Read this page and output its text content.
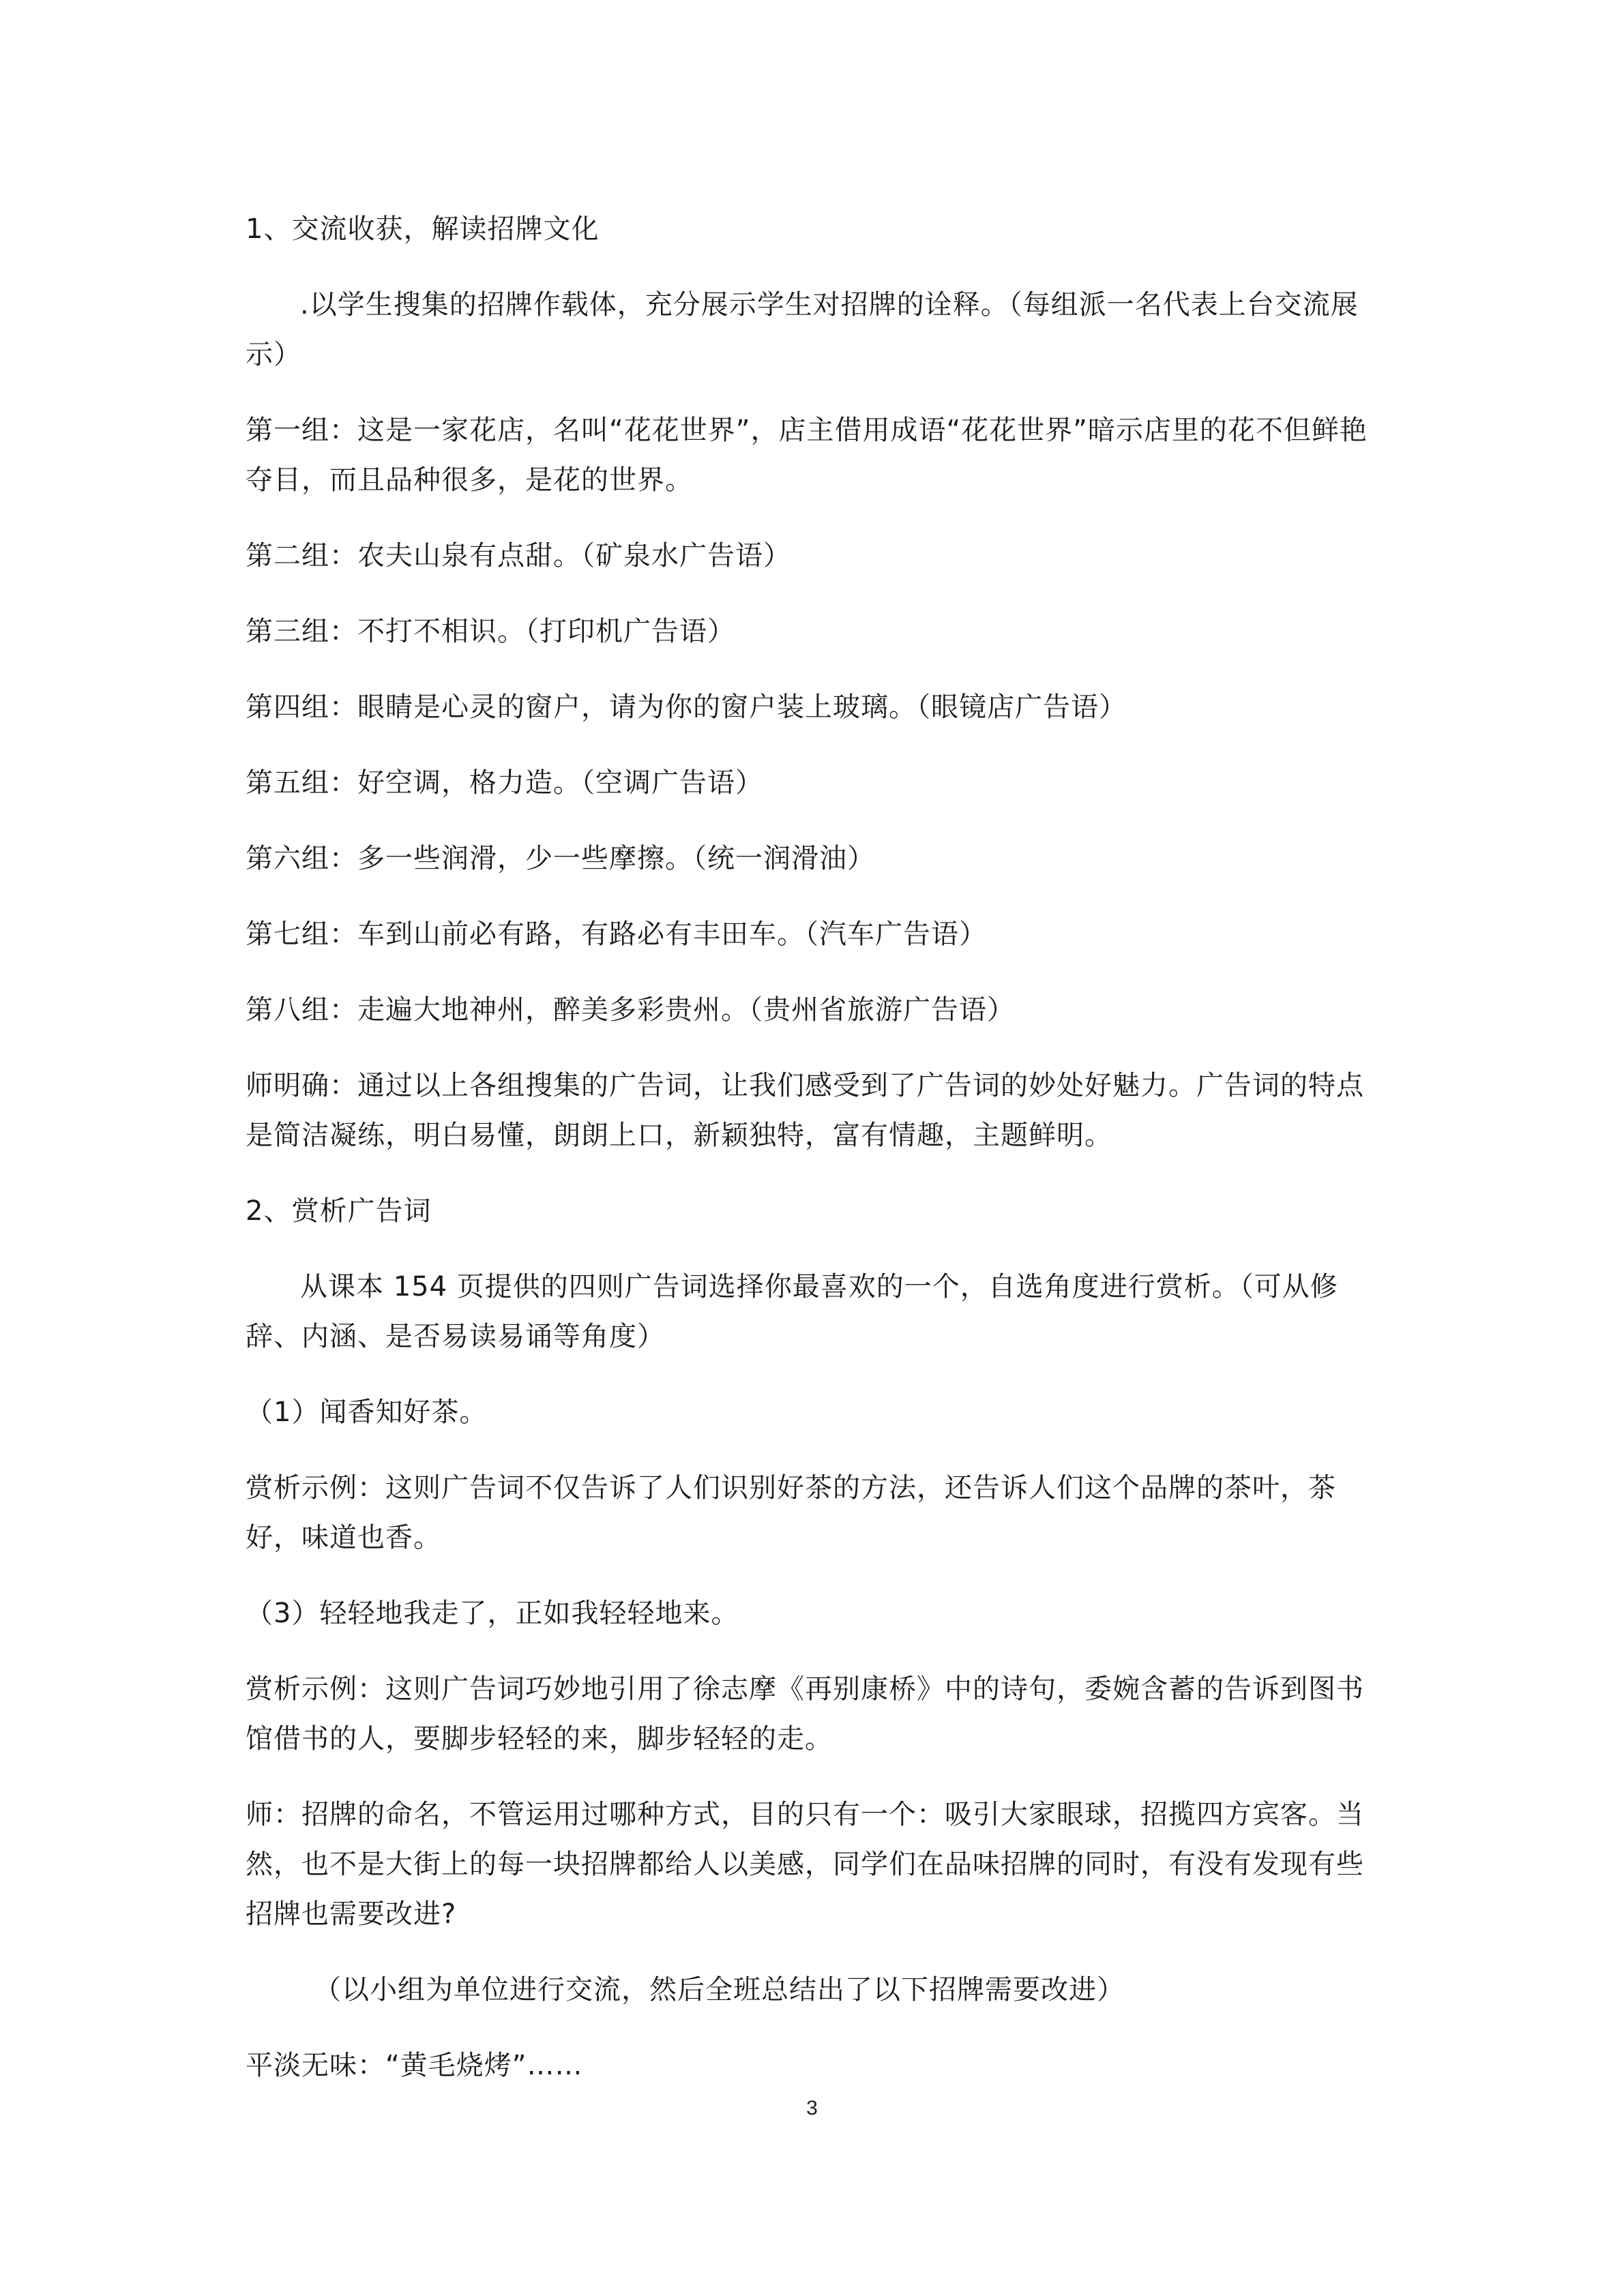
1、交流收获，解读招牌文化

.以学生搜集的招牌作载体，充分展示学生对招牌的诠释。（每组派一名代表上台交流展示）

第一组：这是一家花店，名叫“花花世界”，店主借用成语“花花世界”暗示店里的花不但鲜艳夺目，而且品种很多，是花的世界。

第二组：农夫山泉有点甜。（矿泉水广告语）

第三组：不打不相识。（打印机广告语）

第四组：眼睛是心灵的窗户，请为你的窗户装上玻璃。（眼镜店广告语）

第五组：好空调，格力造。（空调广告语）

第六组：多一些润滑，少一些摩擦。（统一润滑油）

第七组：车到山前必有路，有路必有丰田车。（汽车广告语）

第八组：走遍大地神州，醉美多彩贵州。（贵州省旅游广告语）

师明确：通过以上各组搜集的广告词，让我们感受到了广告词的妙处好魅力。广告词的特点是简洁凝练，明白易懂，朗朗上口，新颖独特，富有情趣，主题鲜明。

2、赏析广告词

从课本 154 页提供的四则广告词选择你最喜欢的一个，自选角度进行赏析。（可从修辞、内涵、是否易读易诵等角度）

（1）闻香知好茶。

赏析示例：这则广告词不仅告诉了人们识别好茶的方法，还告诉人们这个品牌的茶叶，茶好，味道也香。

（3）轻轻地我走了，正如我轻轻地来。

赏析示例：这则广告词巧妙地引用了徐志摩《再别康桥》中的诗句，委婉含蓄的告诉到图书馆借书的人，要脚步轻轻的来，脚步轻轻的走。

师：招牌的命名，不管运用过哪种方式，目的只有一个：吸引大家眼球，招揽四方宾客。当然，也不是大街上的每一块招牌都给人以美感，同学们在品味招牌的同时，有没有发现有些招牌也需要改进?

（以小组为单位进行交流，然后全班总结出了以下招牌需要改进）

平淡无味：“黄毛烧烤”……

3
